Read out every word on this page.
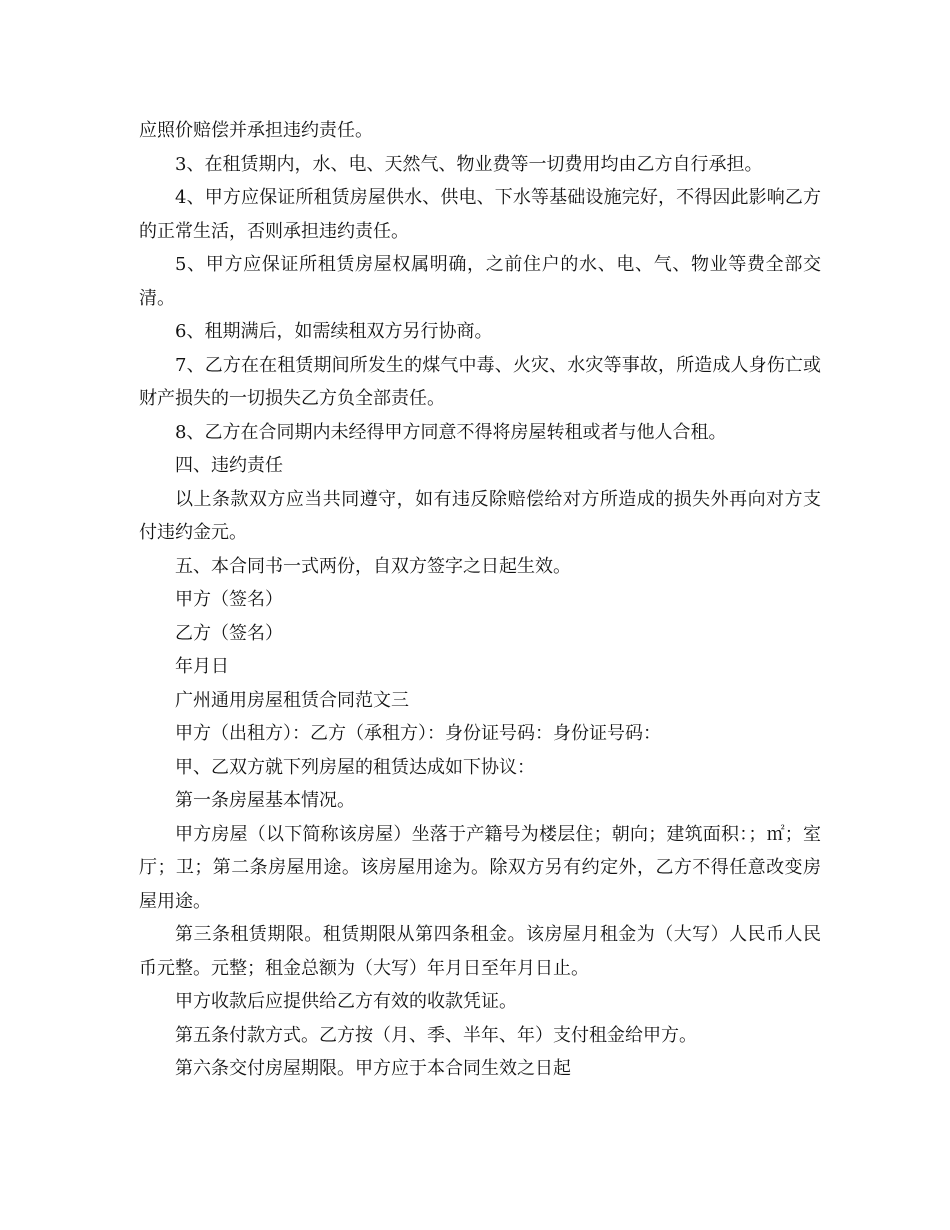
应照价赔偿并承担违约责任。

3、在租赁期内，水、电、天然气、物业费等一切费用均由乙方自行承担。

4、甲方应保证所租赁房屋供水、供电、下水等基础设施完好，不得因此影响乙方的正常生活，否则承担违约责任。

5、甲方应保证所租赁房屋权属明确，之前住户的水、电、气、物业等费全部交清。

6、租期满后，如需续租双方另行协商。

7、乙方在在租赁期间所发生的煤气中毒、火灾、水灾等事故，所造成人身伤亡或财产损失的一切损失乙方负全部责任。

8、乙方在合同期内未经得甲方同意不得将房屋转租或者与他人合租。

四、违约责任

以上条款双方应当共同遵守，如有违反除赔偿给对方所造成的损失外再向对方支付违约金元。

五、本合同书一式两份，自双方签字之日起生效。

甲方（签名）

乙方（签名）

年月日

广州通用房屋租赁合同范文三

甲方（出租方）：乙方（承租方）：身份证号码：身份证号码：

甲、乙双方就下列房屋的租赁达成如下协议：

第一条房屋基本情况。

甲方房屋（以下简称该房屋）坐落于产籍号为楼层住；朝向；建筑面积：；㎡；室厅；卫；第二条房屋用途。该房屋用途为。除双方另有约定外，乙方不得任意改变房屋用途。

第三条租赁期限。租赁期限从第四条租金。该房屋月租金为（大写）人民币人民币元整。元整；租金总额为（大写）年月日至年月日止。

甲方收款后应提供给乙方有效的收款凭证。

第五条付款方式。乙方按（月、季、半年、年）支付租金给甲方。

第六条交付房屋期限。甲方应于本合同生效之日起
